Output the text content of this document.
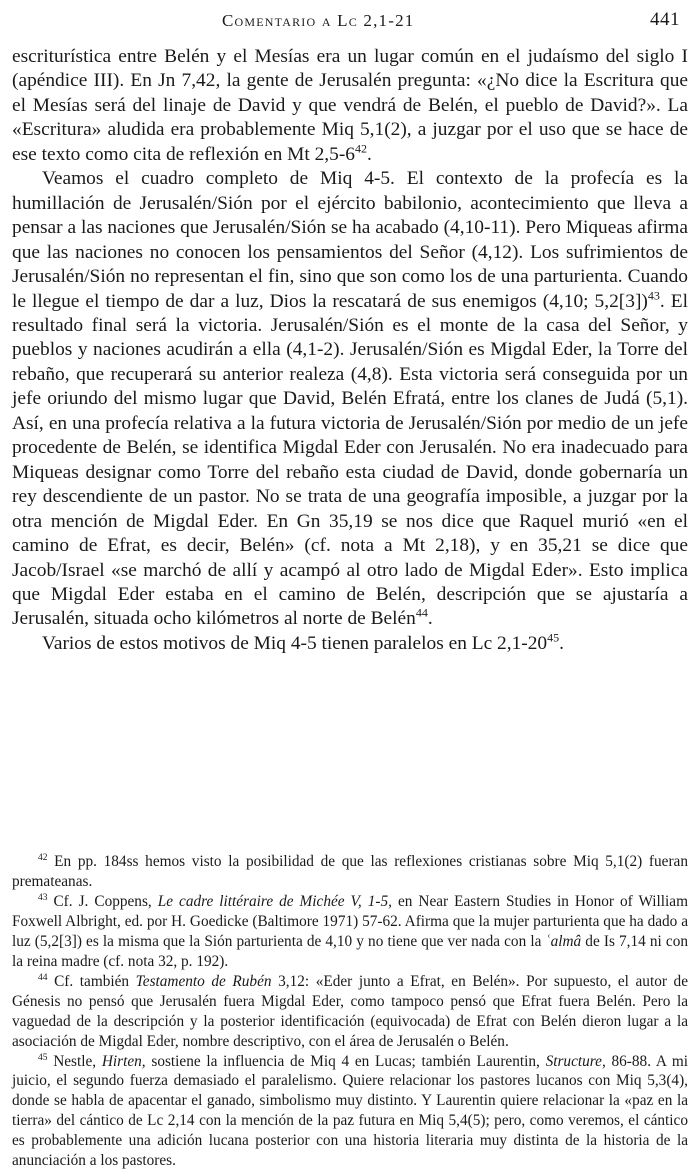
Comentario a Lc 2,1-21	441

escriturística entre Belén y el Mesías era un lugar común en el judaísmo del siglo I (apéndice III). En Jn 7,42, la gente de Jerusalén pregunta: «¿No dice la Escritura que el Mesías será del linaje de David y que vendrá de Belén, el pueblo de David?». La «Escritura» aludida era probablemente Miq 5,1(2), a juzgar por el uso que se hace de ese texto como cita de reflexión en Mt 2,5-6$^{42}$.

Veamos el cuadro completo de Miq 4-5. El contexto de la profecía es la humillación de Jerusalén/Sión por el ejército babilonio, acontecimiento que lleva a pensar a las naciones que Jerusalén/Sión se ha acabado (4,10-11). Pero Miqueas afirma que las naciones no conocen los pensamientos del Señor (4,12). Los sufrimientos de Jerusalén/Sión no representan el fin, sino que son como los de una parturienta. Cuando le llegue el tiempo de dar a luz, Dios la rescatará de sus enemigos (4,10; 5,2[3])$^{43}$. El resultado final será la victoria. Jerusalén/Sión es el monte de la casa del Señor, y pueblos y naciones acudirán a ella (4,1-2). Jerusalén/Sión es Migdal Eder, la Torre del rebaño, que recuperará su anterior realeza (4,8). Esta victoria será conseguida por un jefe oriundo del mismo lugar que David, Belén Efratá, entre los clanes de Judá (5,1). Así, en una profecía relativa a la futura victoria de Jerusalén/Sión por medio de un jefe procedente de Belén, se identifica Migdal Eder con Jerusalén. No era inadecuado para Miqueas designar como Torre del rebaño esta ciudad de David, donde gobernaría un rey descendiente de un pastor. No se trata de una geografía imposible, a juzgar por la otra mención de Migdal Eder. En Gn 35,19 se nos dice que Raquel murió «en el camino de Efrat, es decir, Belén» (cf. nota a Mt 2,18), y en 35,21 se dice que Jacob/Israel «se marchó de allí y acampó al otro lado de Migdal Eder». Esto implica que Migdal Eder estaba en el camino de Belén, descripción que se ajustaría a Jerusalén, situada ocho kilómetros al norte de Belén$^{44}$.

Varios de estos motivos de Miq 4-5 tienen paralelos en Lc 2,1-20$^{45}$.

$^{42}$ En pp. 184ss hemos visto la posibilidad de que las reflexiones cristianas sobre Miq 5,1(2) fueran premateanas.

$^{43}$ Cf. J. Coppens, Le cadre littéraire de Michée V, 1-5, en Near Eastern Studies in Honor of William Foxwell Albright, ed. por H. Goedicke (Baltimore 1971) 57-62. Afirma que la mujer parturienta que ha dado a luz (5,2[3]) es la misma que la Sión parturienta de 4,10 y no tiene que ver nada con la ʿalmâ de Is 7,14 ni con la reina madre (cf. nota 32, p. 192).

$^{44}$ Cf. también Testamento de Rubén 3,12: «Eder junto a Efrat, en Belén». Por supuesto, el autor de Génesis no pensó que Jerusalén fuera Migdal Eder, como tampoco pensó que Efrat fuera Belén. Pero la vaguedad de la descripción y la posterior identificación (equivocada) de Efrat con Belén dieron lugar a la asociación de Migdal Eder, nombre descriptivo, con el área de Jerusalén o Belén.

$^{45}$ Nestle, Hirten, sostiene la influencia de Miq 4 en Lucas; también Laurentin, Structure, 86-88. A mi juicio, el segundo fuerza demasiado el paralelismo. Quiere relacionar los pastores lucanos con Miq 5,3(4), donde se habla de apacentar el ganado, simbolismo muy distinto. Y Laurentin quiere relacionar la «paz en la tierra» del cántico de Lc 2,14 con la mención de la paz futura en Miq 5,4(5); pero, como veremos, el cántico es probablemente una adición lucana posterior con una historia literaria muy distinta de la historia de la anunciación a los pastores.
